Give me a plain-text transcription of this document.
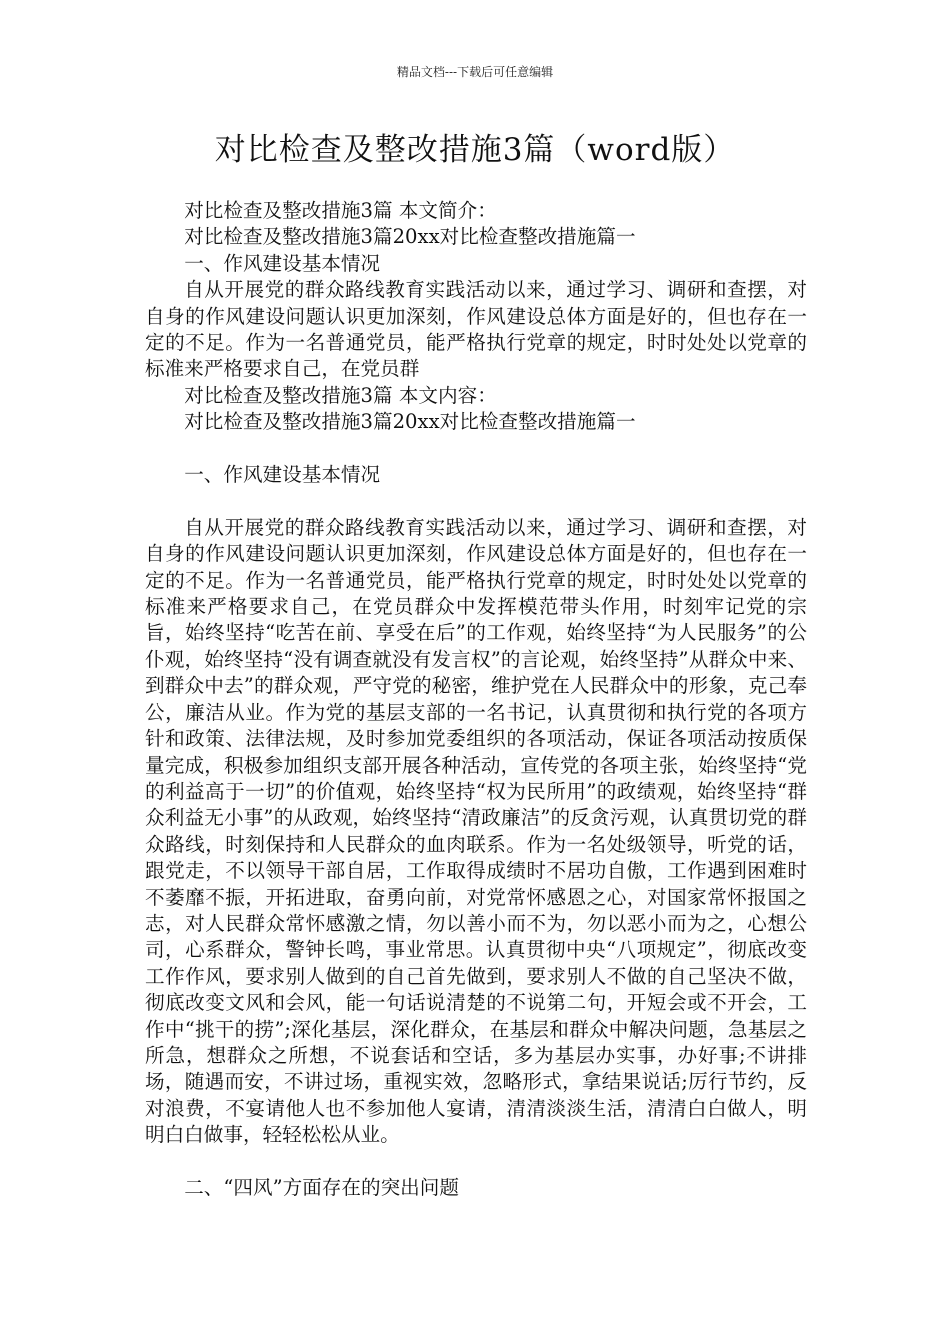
精品文档---下载后可任意编辑
对比检查及整改措施3篇（word版）

对比检查及整改措施3篇 本文简介：

对比检查及整改措施3篇20xx对比检查整改措施篇一

一、作风建设基本情况

自从开展党的群众路线教育实践活动以来，通过学习、调研和查摆，对自身的作风建设问题认识更加深刻，作风建设总体方面是好的，但也存在一定的不足。作为一名普通党员，能严格执行党章的规定，时时处处以党章的标准来严格要求自己，在党员群

对比检查及整改措施3篇 本文内容：

对比检查及整改措施3篇20xx对比检查整改措施篇一

一、作风建设基本情况

自从开展党的群众路线教育实践活动以来，通过学习、调研和查摆，对自身的作风建设问题认识更加深刻，作风建设总体方面是好的，但也存在一定的不足。作为一名普通党员，能严格执行党章的规定，时时处处以党章的标准来严格要求自己，在党员群众中发挥模范带头作用，时刻牢记党的宗旨，始终坚持“吃苦在前、享受在后”的工作观，始终坚持“为人民服务”的公仆观，始终坚持“没有调查就没有发言权”的言论观，始终坚持”从群众中来、到群众中去”的群众观，严守党的秘密，维护党在人民群众中的形象，克己奉公，廉洁从业。作为党的基层支部的一名书记，认真贯彻和执行党的各项方针和政策、法律法规，及时参加党委组织的各项活动，保证各项活动按质保量完成，积极参加组织支部开展各种活动，宣传党的各项主张，始终坚持“党的利益高于一切”的价值观，始终坚持“权为民所用”的政绩观，始终坚持“群众利益无小事”的从政观，始终坚持“清政廉洁”的反贪污观，认真贯切党的群众路线，时刻保持和人民群众的血肉联系。作为一名处级领导，听党的话，跟党走，不以领导干部自居，工作取得成绩时不居功自傲，工作遇到困难时不萎靡不振，开拓进取，奋勇向前，对党常怀感恩之心，对国家常怀报国之志，对人民群众常怀感激之情，勿以善小而不为，勿以恶小而为之，心想公司，心系群众，警钟长鸣，事业常思。认真贯彻中央“八项规定”，彻底改变工作作风，要求别人做到的自己首先做到，要求别人不做的自己坚决不做，彻底改变文风和会风，能一句话说清楚的不说第二句，开短会或不开会，工作中“挑干的捞”;深化基层，深化群众，在基层和群众中解决问题，急基层之所急，想群众之所想，不说套话和空话，多为基层办实事，办好事;不讲排场，随遇而安，不讲过场，重视实效，忽略形式，拿结果说话;厉行节约，反对浪费，不宴请他人也不参加他人宴请，清清淡淡生活，清清白白做人，明明白白做事，轻轻松松从业。

二、“四风”方面存在的突出问题
